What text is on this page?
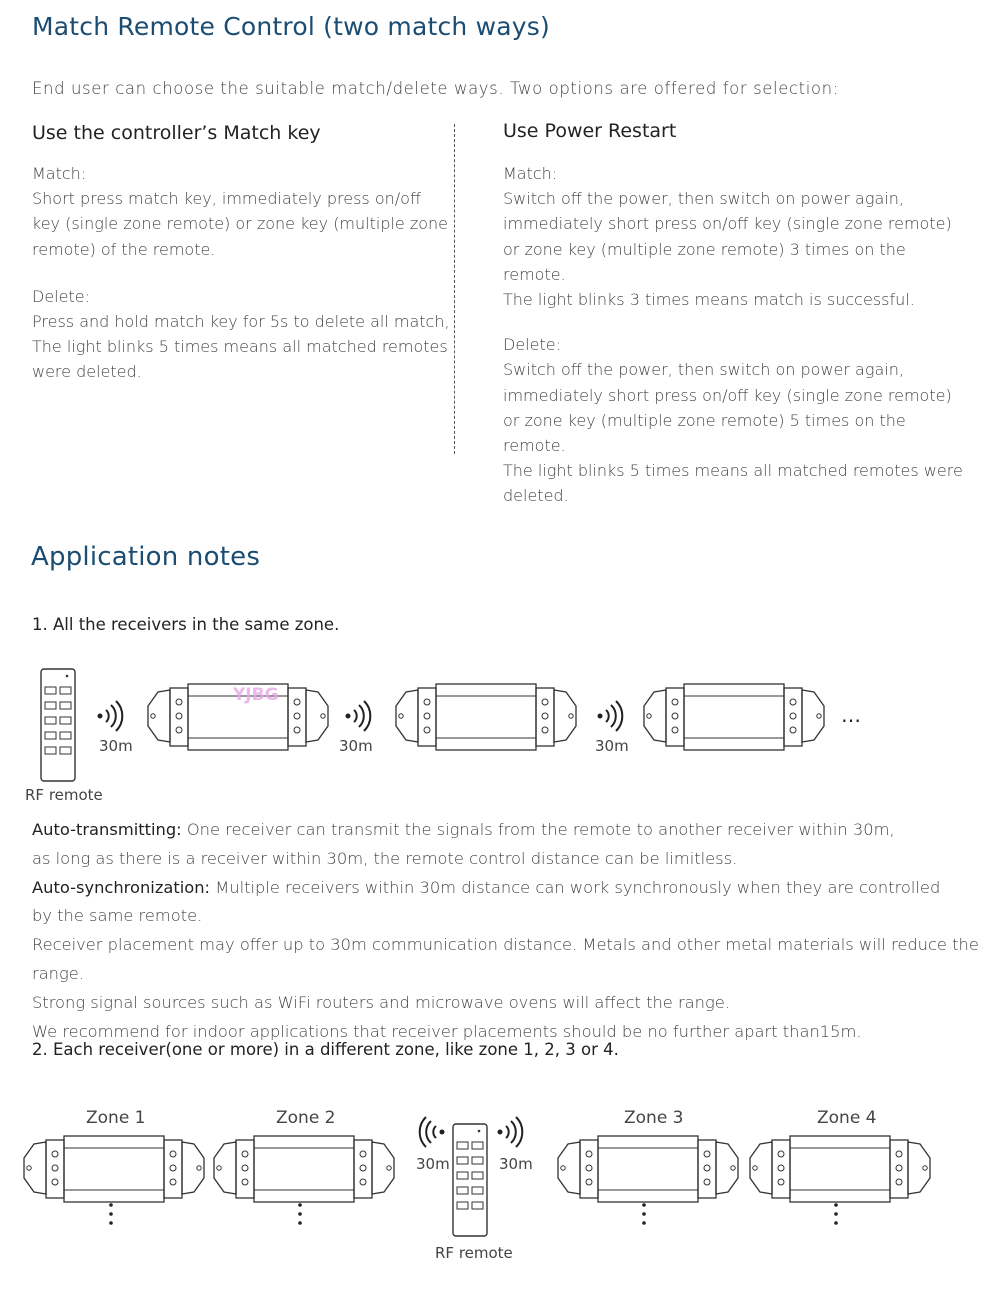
Match Remote Control (two match ways)
End user can choose the suitable match/delete ways. Two options are offered for selection:
Use the controller’s Match key
Match:
Short press match key, immediately press on/off
key (single zone remote) or zone key (multiple zone
remote) of the remote.
Delete:
Press and hold match key for 5s to delete all match,
The light blinks 5 times means all matched remotes
were deleted.
Use Power Restart
Match:
Switch off the power, then switch on power again,
immediately short press on/off key (single zone remote)
or zone key (multiple zone remote) 3 times on the remote.
The light blinks 3 times means match is successful.
Delete:
Switch off the power, then switch on power again,
immediately short press on/off key (single zone remote)
or zone key (multiple zone remote) 5 times on the remote.
The light blinks 5 times means all matched remotes were
deleted.
Application notes
1. All the receivers in the same zone.
YJBG
30m	30m	30m
…
RF remote
Auto-transmitting: One receiver can transmit the signals from the remote to another receiver within 30m,
as long as there is a receiver within 30m, the remote control distance can be limitless.
Auto-synchronization: Multiple receivers within 30m distance can work synchronously when they are controlled
by the same remote.
Receiver placement may offer up to 30m communication distance. Metals and other metal materials will reduce the range.
Strong signal sources such as WiFi routers and microwave ovens will affect the range.
We recommend for indoor applications that receiver placements should be no further apart than15m.
2. Each receiver(one or more) in a different zone, like zone 1, 2, 3 or 4.
Zone 1	Zone 2	Zone 3	Zone 4
30m	30m
RF remote
